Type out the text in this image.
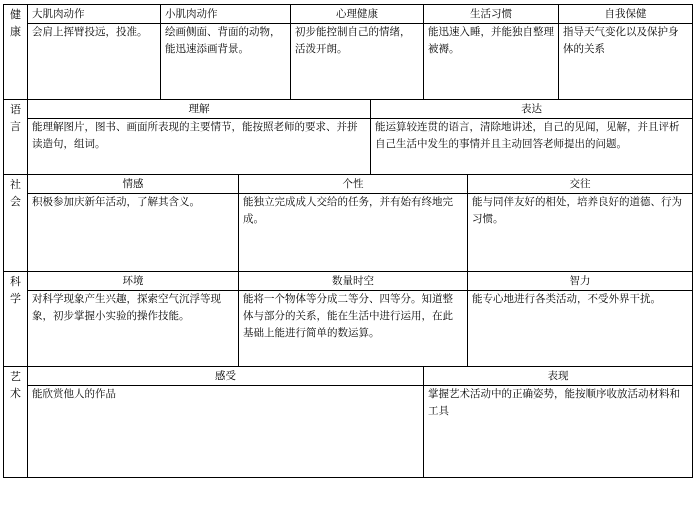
健
康	大肌肉动作	小肌肉动作		心理健康		生活习惯		自我保健
	会肩上挥臂投远，投准。	绘画侧面、背面的动物，能迅速添画背景。		初步能控制自己的情绪，活泼开朗。		能迅速入睡，并能独自整理被褥。		指导天气变化以及保护身体的关系

语
言	理解				表达			
	能理解图片，图书、画面所表现的主要情节，能按照老师的要求、并拼读造句，组词。				能运算较连贯的语言，清除地讲述，自己的见闻，见解，并且评析自己生活中发生的事情并且主动回答老师提出的问题。			

社
会	情感		个性				交往	
	积极参加庆新年活动，了解其含义。		能独立完成成人交给的任务，并有始有终地完成。				能与同伴友好的相处，培养良好的道德、行为习惯。	

科
学	环境		数量时空				智力	
	对科学现象产生兴趣，探索空气沉浮等现象，初步掌握小实验的操作技能。		能将一个物体等分成二等分、四等分。知道整体与部分的关系，能在生活中进行运用，在此基础上能进行简单的数运算。				能专心地进行各类活动，不受外界干扰。	

艺
术	感受					表现		
	能欣赏他人的作品					掌握艺术活动中的正确姿势，能按顺序收放活动材料和工具		
